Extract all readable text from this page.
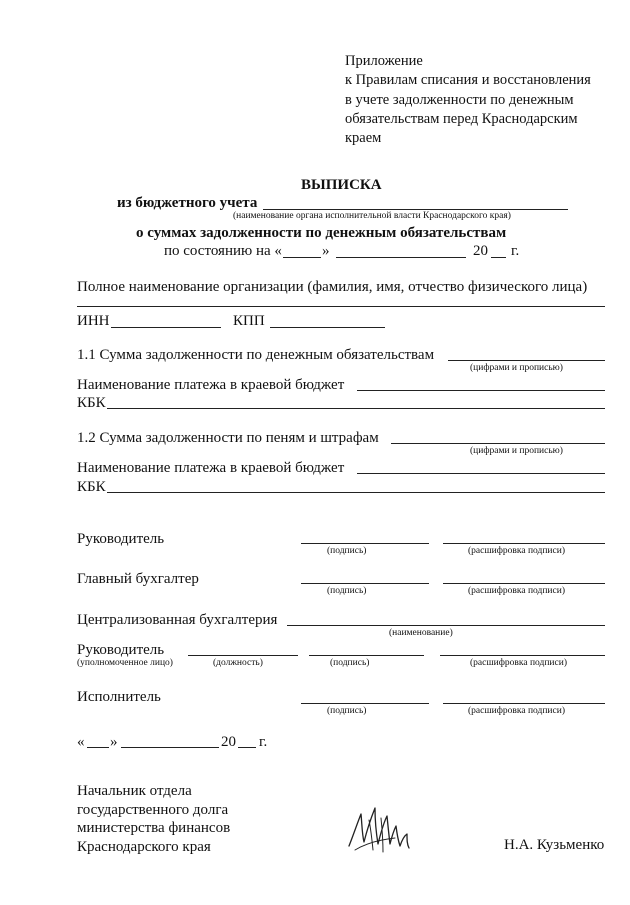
Приложение
к Правилам списания и восстановления
в учете задолженности по денежным
обязательствам перед Краснодарским
краем
ВЫПИСКА
из бюджетного учета
(наименование органа исполнительной власти Краснодарского края)
о суммах задолженности по денежным обязательствам
по состоянию на «	»	20 г.
Полное наименование организации (фамилия, имя, отчество физического лица)
ИНН	КПП
1.1 Сумма задолженности по денежным обязательствам
(цифрами и прописью)
Наименование платежа в краевой бюджет
КБК
1.2 Сумма задолженности по пеням и штрафам
(цифрами и прописью)
Наименование платежа в краевой бюджет
КБК
Руководитель
(подпись)	(расшифровка подписи)
Главный бухгалтер
(подпись)	(расшифровка подписи)
Централизованная бухгалтерия
(наименование)
Руководитель
(уполномоченное лицо)	(должность)	(подпись)	(расшифровка подписи)
Исполнитель
(подпись)	(расшифровка подписи)
« »	20 г.
Начальник отдела
государственного долга
министерства финансов
Краснодарского края	Н.А. Кузьменко
